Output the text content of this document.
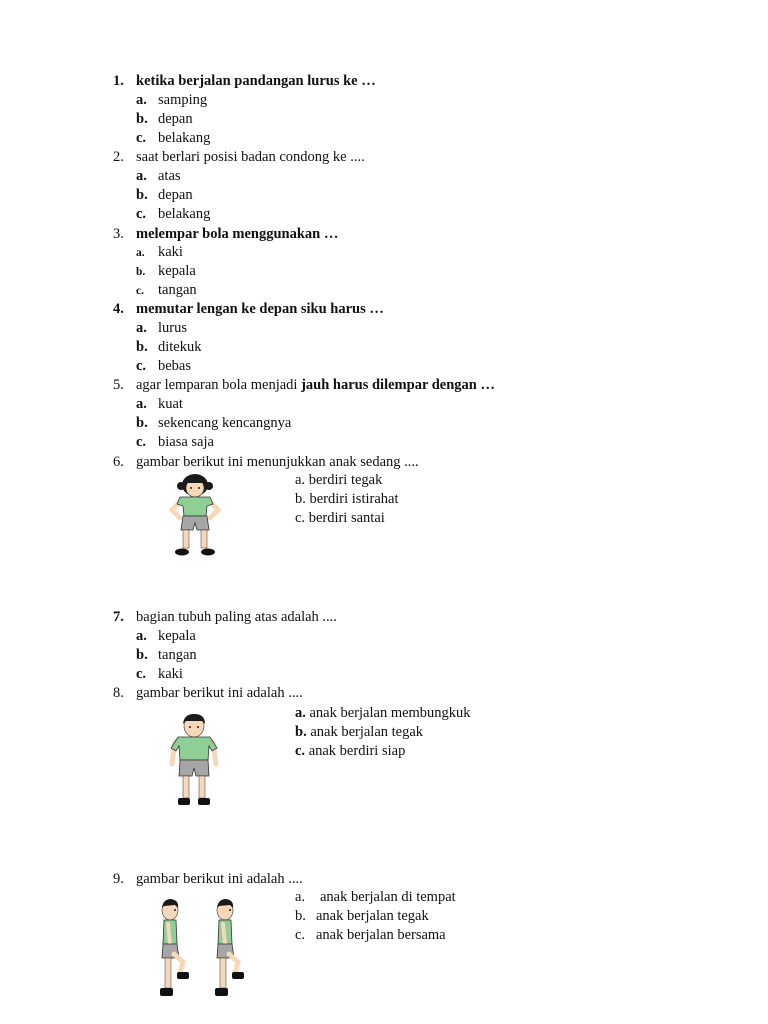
1. ketika berjalan pandangan lurus ke …
a. samping
b. depan
c. belakang
2. saat berlari posisi badan condong ke ....
a. atas
b. depan
c. belakang
3. melempar bola menggunakan …
a. kaki
b. kepala
c. tangan
4. memutar lengan ke depan siku harus …
a. lurus
b. ditekuk
c. bebas
5. agar lemparan bola menjadi jauh harus dilempar dengan …
a. kuat
b. sekencang kencangnya
c. biasa saja
6. gambar berikut ini menunjukkan anak sedang ....
a. berdiri tegak
b. berdiri istirahat
c. berdiri santai
7. bagian tubuh paling atas adalah ....
a. kepala
b. tangan
c. kaki
8. gambar berikut ini adalah ....
a. anak berjalan membungkuk
b. anak berjalan tegak
c. anak berdiri siap
9. gambar berikut ini adalah ....
a. anak berjalan di tempat
b. anak berjalan tegak
c. anak berjalan bersama
